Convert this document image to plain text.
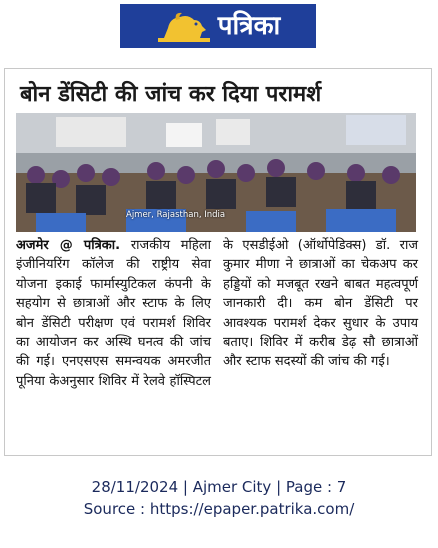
पत्रिका
बोन डेंसिटी की जांच कर दिया परामर्श
Ajmer, Rajasthan, India
अजमेर @ पत्रिका. राजकीय महिला इंजीनियरिंग कॉलेज की राष्ट्रीय सेवा योजना इकाई फार्मास्युटिकल कंपनी के सहयोग से छात्राओं और स्टाफ के लिए बोन डेंसिटी परीक्षण एवं परामर्श शिविर का आयोजन कर अस्थि घनत्व की जांच की गई। एनएसएस समन्वयक अमरजीत पूनिया केअनुसार शिविर में रेलवे हॉस्पिटल के एसडीईओ (ऑर्थोपेडिक्स) डॉ. राज कुमार मीणा ने छात्राओं का चेकअप कर हड्डियों को मजबूत रखने बाबत महत्वपूर्ण जानकारी दी। कम बोन डेंसिटी पर आवश्यक परामर्श देकर सुधार के उपाय बताए। शिविर में करीब डेढ़ सौ छात्राओं और स्टाफ सदस्यों की जांच की गई।
28/11/2024 | Ajmer City | Page : 7
Source : https://epaper.patrika.com/
